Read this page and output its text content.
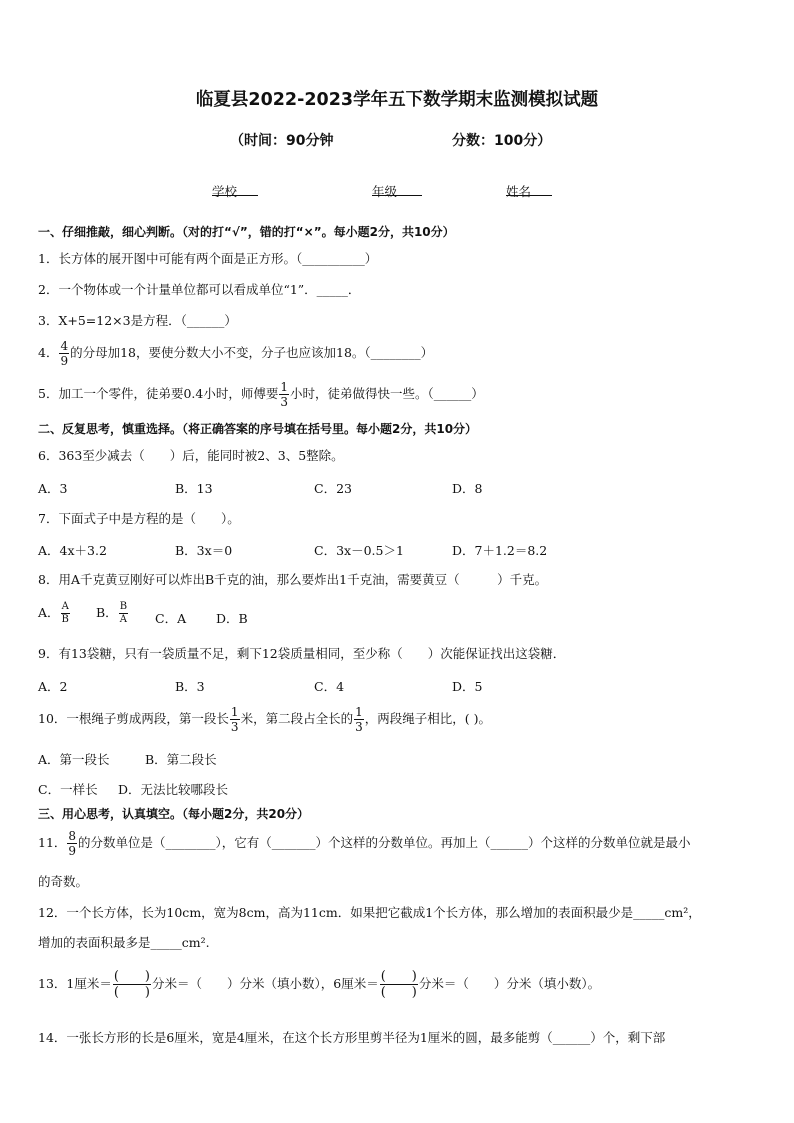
临夏县2022-2023学年五下数学期末监测模拟试题
（时间：90分钟	分数：100分）
学校	年级	姓名
一、仔细推敲，细心判断。（对的打“√”，错的打“×”。每小题2分，共10分）
1．长方体的展开图中可能有两个面是正方形。（__________）
2．一个物体或一个计量单位都可以看成单位“1”．_____．
3．X+5=12×3是方程．（______）
4． $\frac{4}{9}$ 的分母加18，要使分数大小不变，分子也应该加18。（________）
5．加工一个零件，徒弟要0.4小时，师傅要 $\frac{1}{3}$ 小时，徒弟做得快一些。（______）
二、反复思考，慎重选择。（将正确答案的序号填在括号里。每小题2分，共10分）
6．363至少减去（　　）后，能同时被2、3、5整除。
A．3	B．13	C．23	D．8
7．下面式子中是方程的是（　　）。
A．4x＋3.2	B．3x＝0	C．3x－0.5＞1	D．7＋1.2＝8.2
8．用A千克黄豆刚好可以炸出B千克的油，那么要炸出1千克油，需要黄豆（　　　）千克。
A． $\frac{A}{B}$ B． $\frac{B}{A}$ C．A D．B
9．有13袋糖，只有一袋质量不足，剩下12袋质量相同，至少称（　　）次能保证找出这袋糖．
A．2	B．3	C．4	D．5
10．一根绳子剪成两段，第一段长 $\frac{1}{3}$ 米，第二段占全长的 $\frac{1}{3}$ ，两段绳子相比，( )。
A．第一段长	B．第二段长
C．一样长 D．无法比较哪段长
三、用心思考，认真填空。（每小题2分，共20分）
11． $\frac{8}{9}$ 的分数单位是（________），它有（_______）个这样的分数单位。再加上（______）个这样的分数单位就是最小
的奇数。
12．一个长方体，长为10cm，宽为8cm，高为11cm．如果把它截成1个长方体，那么增加的表面积最少是_____cm²，
增加的表面积最多是_____cm².
13．1厘米＝ $\frac{( )}{( )}$ 分米＝（　　）分米（填小数），6厘米＝ $\frac{( )}{( )}$ 分米＝（　　）分米（填小数）。
14．一张长方形的长是6厘米，宽是4厘米，在这个长方形里剪半径为1厘米的圆，最多能剪（______）个，剩下部
